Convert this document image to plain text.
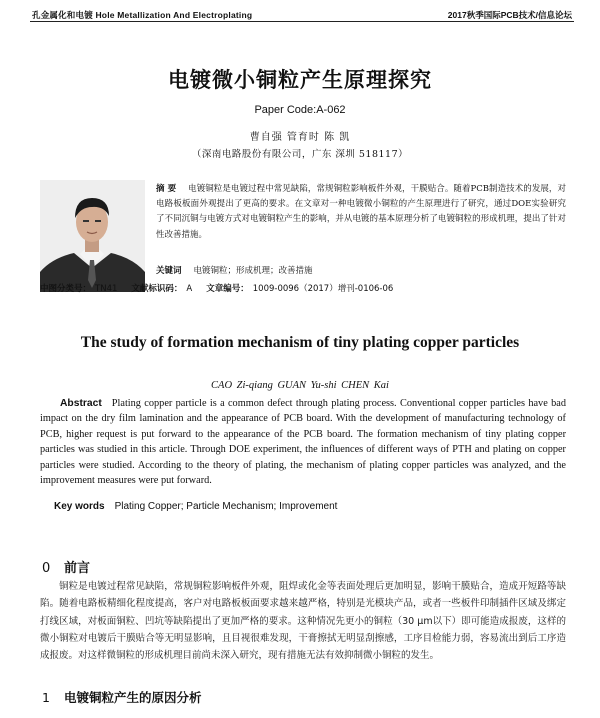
孔金属化和电镀 Hole Metallization And Electroplating	2017秋季国际PCB技术/信息论坛
电镀微小铜粒产生原理探究
Paper Code:A-062
曹自强 管育时 陈 凯
（深南电路股份有限公司，广东 深圳 518117）
摘 要 电镀铜粒是电镀过程中常见缺陷，常规铜粒影响板件外观，干膜贴合。随着PCB制造技术的发展，对电路板板面外观提出了更高的要求。在文章对一种电镀微小铜粒的产生原理进行了研究，通过DOE实验研究了不同沉铜与电镀方式对电镀铜粒产生的影响，并从电镀的基本原理分析了电镀铜粒的形成机理，提出了针对性改善措施。
关键词 电镀铜粒；形成机理；改善措施
中图分类号： TN41 文献标识码： A 文章编号： 1009-0096（2017）增刊-0106-06
The study of formation mechanism of tiny plating copper particles
CAO Zi-qiang GUAN Yu-shi CHEN Kai
Abstract Plating copper particle is a common defect through plating process. Conventional copper particles have bad impact on the dry film lamination and the appearance of PCB board. With the development of manufacturing technology of PCB, higher request is put forward to the appearance of the PCB board. The formation mechanism of tiny plating copper particles was studied in this article. Through DOE experiment, the influences of different ways of PTH and plating on copper particles were studied. According to the theory of plating, the mechanism of plating copper particles was analyzed, and the improvement measures were put forward.
Key words Plating Copper; Particle Mechanism; Improvement
0 前言
铜粒是电镀过程常见缺陷，常规铜粒影响板件外观，阻焊或化金等表面处理后更加明显，影响干膜贴合，造成开短路等缺陷。随着电路板精细化程度提高，客户对电路板板面要求越来越严格，特别是光模块产品，或者一些板件印制插件区域及绑定打线区域，对板面铜粒、凹坑等缺陷提出了更加严格的要求。这种情况先更小的铜粒（30 μm以下）即可能造成报废，这样的微小铜粒对电镀后干膜贴合等无明显影响，且目视很难发现，干膏擦拭无明显刮擦感，工序目检能力弱，容易流出到后工序造成报废。对这样微铜粒的形成机理目前尚未深入研究，现有措施无法有效抑制微小铜粒的发生。
1 电镀铜粒产生的原因分析
